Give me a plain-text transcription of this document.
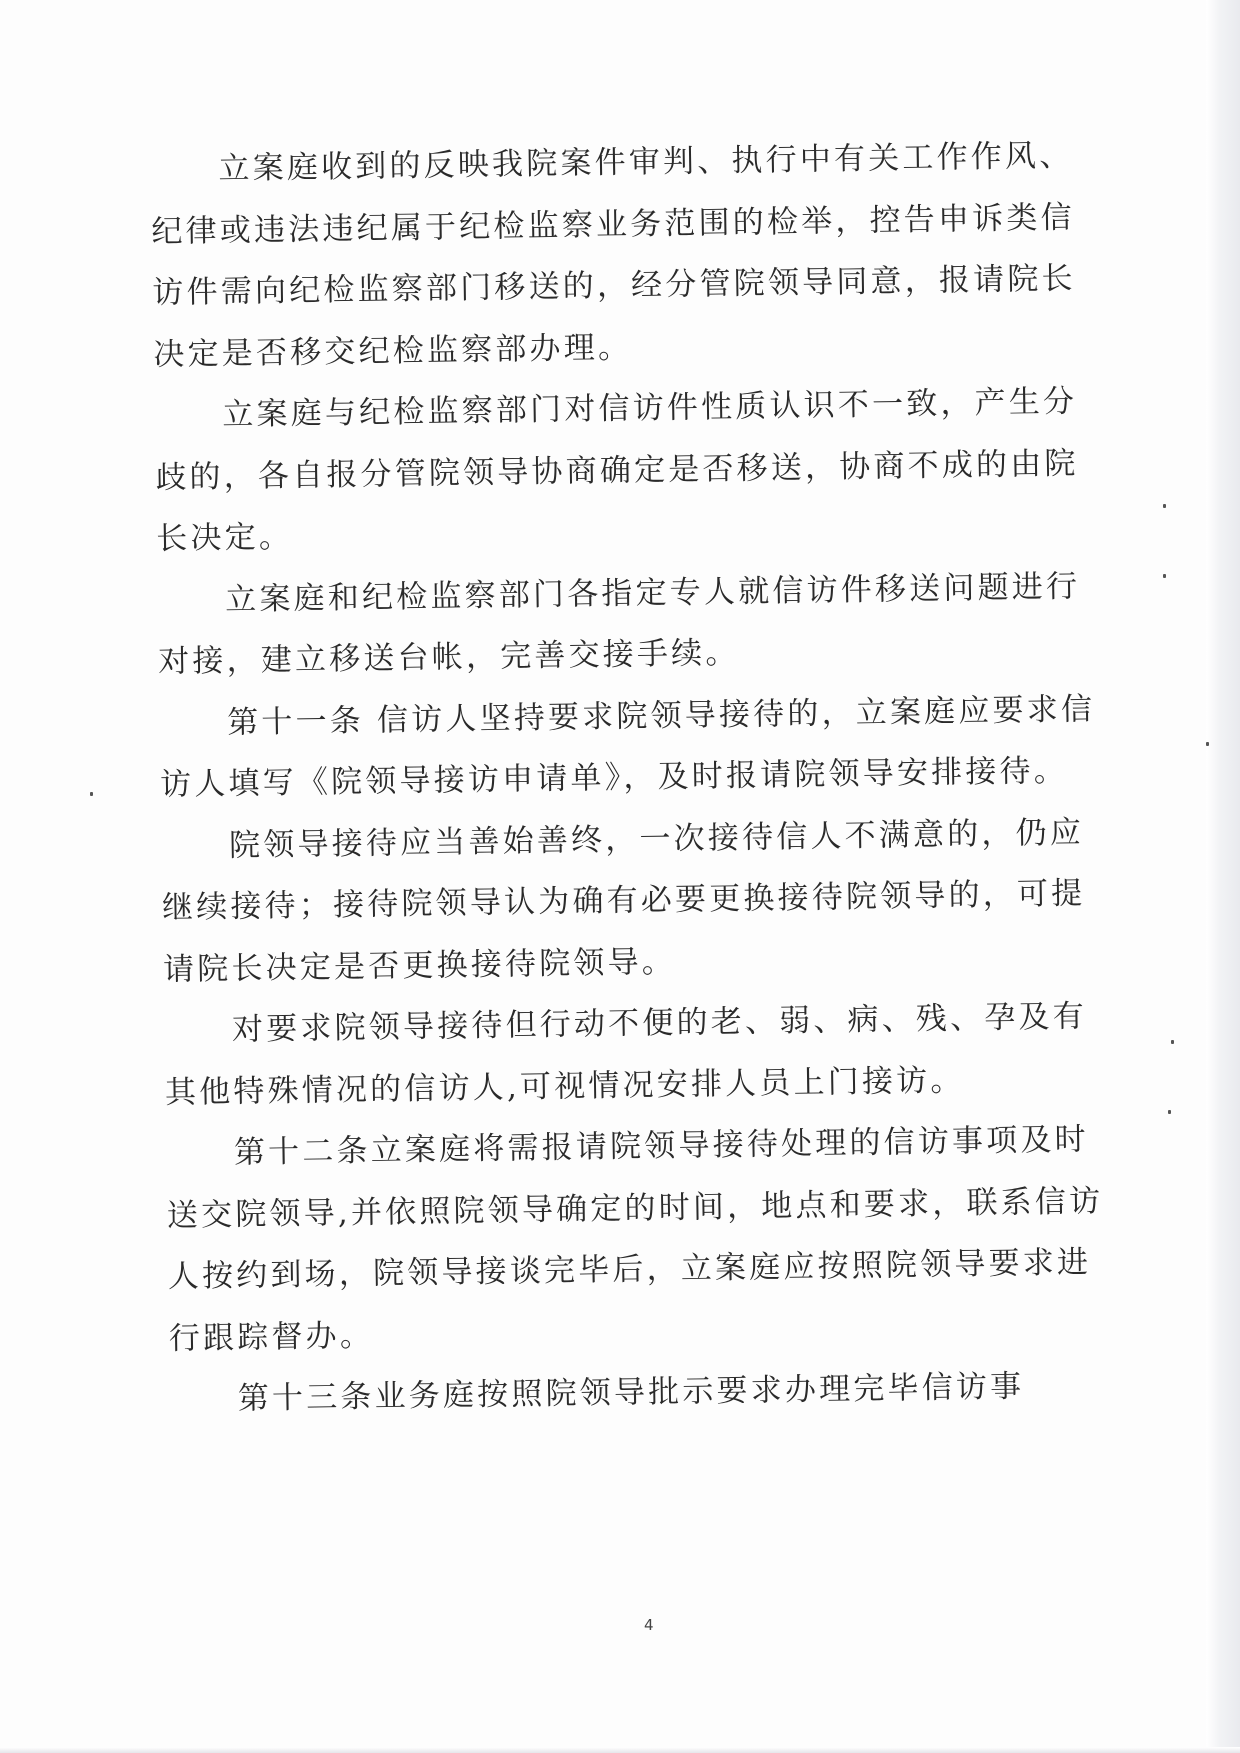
立案庭收到的反映我院案件审判、执行中有关工作作风、纪律或违法违纪属于纪检监察业务范围的检举，控告申诉类信访件需向纪检监察部门移送的，经分管院领导同意，报请院长决定是否移交纪检监察部办理。

立案庭与纪检监察部门对信访件性质认识不一致，产生分歧的，各自报分管院领导协商确定是否移送，协商不成的由院长决定。

立案庭和纪检监察部门各指定专人就信访件移送问题进行对接，建立移送台帐，完善交接手续。

第十一条 信访人坚持要求院领导接待的，立案庭应要求信访人填写《院领导接访申请单》，及时报请院领导安排接待。

院领导接待应当善始善终，一次接待信人不满意的，仍应继续接待；接待院领导认为确有必要更换接待院领导的，可提请院长决定是否更换接待院领导。

对要求院领导接待但行动不便的老、弱、病、残、孕及有其他特殊情况的信访人,可视情况安排人员上门接访。

第十二条立案庭将需报请院领导接待处理的信访事项及时送交院领导,并依照院领导确定的时间，地点和要求，联系信访人按约到场，院领导接谈完毕后，立案庭应按照院领导要求进行跟踪督办。

第十三条业务庭按照院领导批示要求办理完毕信访事

4
